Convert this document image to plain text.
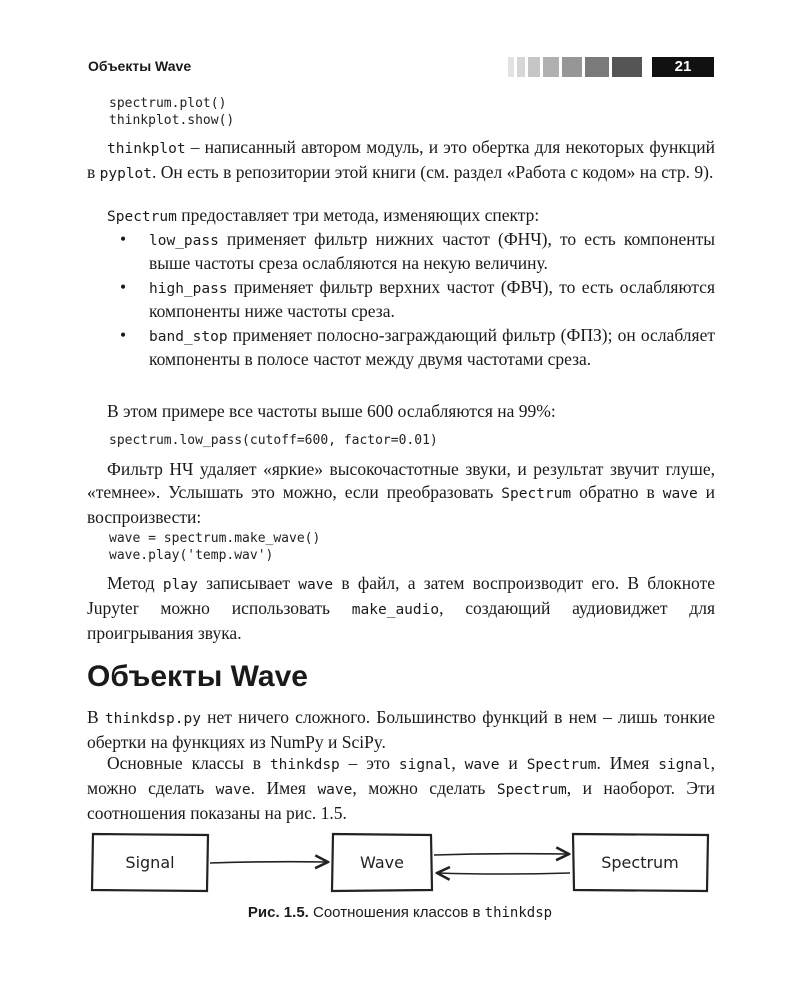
Объекты Wave	21
spectrum.plot()
thinkplot.show()
thinkplot – написанный автором модуль, и это обертка для некоторых функций в pyplot. Он есть в репозитории этой книги (см. раздел «Работа с кодом» на стр. 9).
Spectrum предоставляет три метода, изменяющих спектр:
• low_pass применяет фильтр нижних частот (ФНЧ), то есть компоненты выше частоты среза ослабляются на некую величину.
• high_pass применяет фильтр верхних частот (ФВЧ), то есть ослабляются компоненты ниже частоты среза.
• band_stop применяет полосно-заграждающий фильтр (ФПЗ); он ослабляет компоненты в полосе частот между двумя частотами среза.
В этом примере все частоты выше 600 ослабляются на 99%:
spectrum.low_pass(cutoff=600, factor=0.01)
Фильтр НЧ удаляет «яркие» высокочастотные звуки, и результат звучит глуше, «темнее». Услышать это можно, если преобразовать Spectrum обратно в wave и воспроизвести:
wave = spectrum.make_wave()
wave.play('temp.wav')
Метод play записывает wave в файл, а затем воспроизводит его. В блокноте Jupyter можно использовать make_audio, создающий аудиовиджет для проигрывания звука.
Объекты Wave
В thinkdsp.py нет ничего сложного. Большинство функций в нем – лишь тонкие обертки на функциях из NumPy и SciPy.
Основные классы в thinkdsp – это signal, wave и Spectrum. Имея signal, можно сделать wave. Имея wave, можно сделать Spectrum, и наоборот. Эти соотношения показаны на рис. 1.5.
Signal	Wave	Spectrum
Рис. 1.5. Соотношения классов в thinkdsp
